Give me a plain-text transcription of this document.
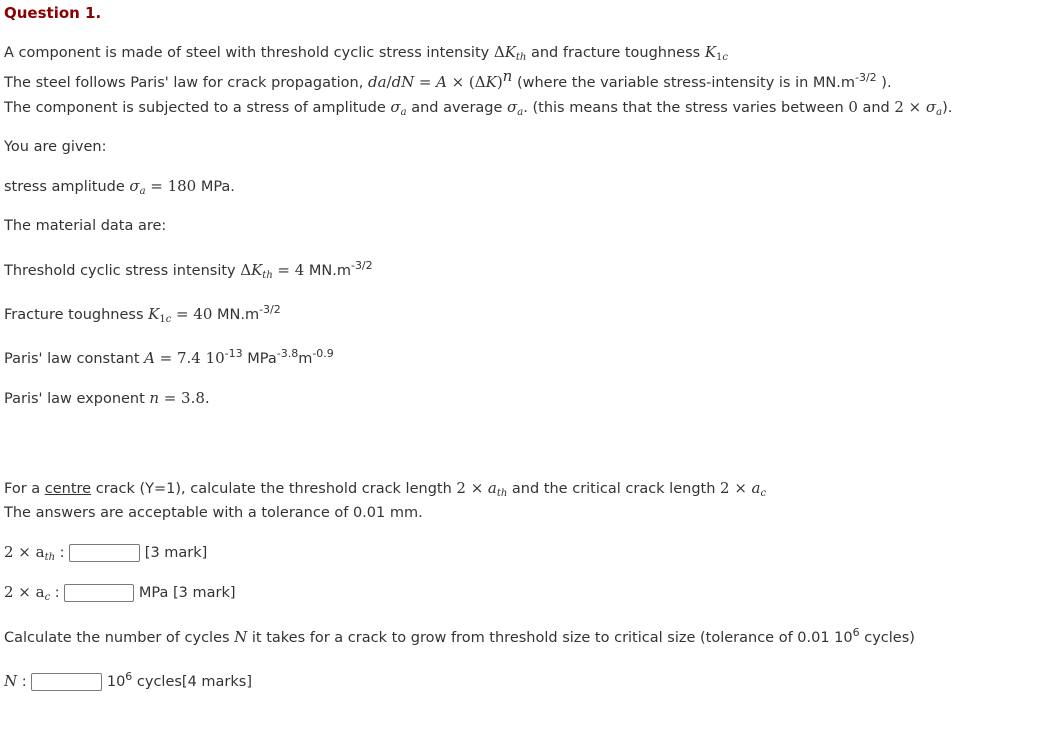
Question 1.
A component is made of steel with threshold cyclic stress intensity $\Delta K_{th}$ and fracture toughness $K_{1c}$
The steel follows Paris' law for crack propagation, $da/dN = A \times (\Delta K)^n$ (where the variable stress-intensity is in $MN.m^{-3/2}$ ).
The component is subjected to a stress of amplitude $\sigma_a$ and average $\sigma_a$. (this means that the stress varies between 0 and $2 \times \sigma_a$).
You are given:
stress amplitude $\sigma_a = 180$ MPa.
The material data are:
Threshold cyclic stress intensity $\Delta K_{th} = 4$ $MN.m^{-3/2}$
Fracture toughness $K_{1c} = 40$ $MN.m^{-3/2}$
Paris' law constant A = 7.4 $10^{-13}$ $MPa^{-3.8}m^{-0.9}$
Paris' law exponent n = 3.8.
For a centre crack (Y=1), calculate the threshold crack length $2 \times a_{th}$ and the critical crack length $2 \times a_c$
The answers are acceptable with a tolerance of 0.01 mm.
$2 \times a_{th}$ :	[3 mark]
$2 \times a_c$ :	MPa [3 mark]
Calculate the number of cycles N it takes for a crack to grow from threshold size to critical size (tolerance of 0.01 $10^6$ cycles)
N :	$10^6$ cycles[4 marks]
